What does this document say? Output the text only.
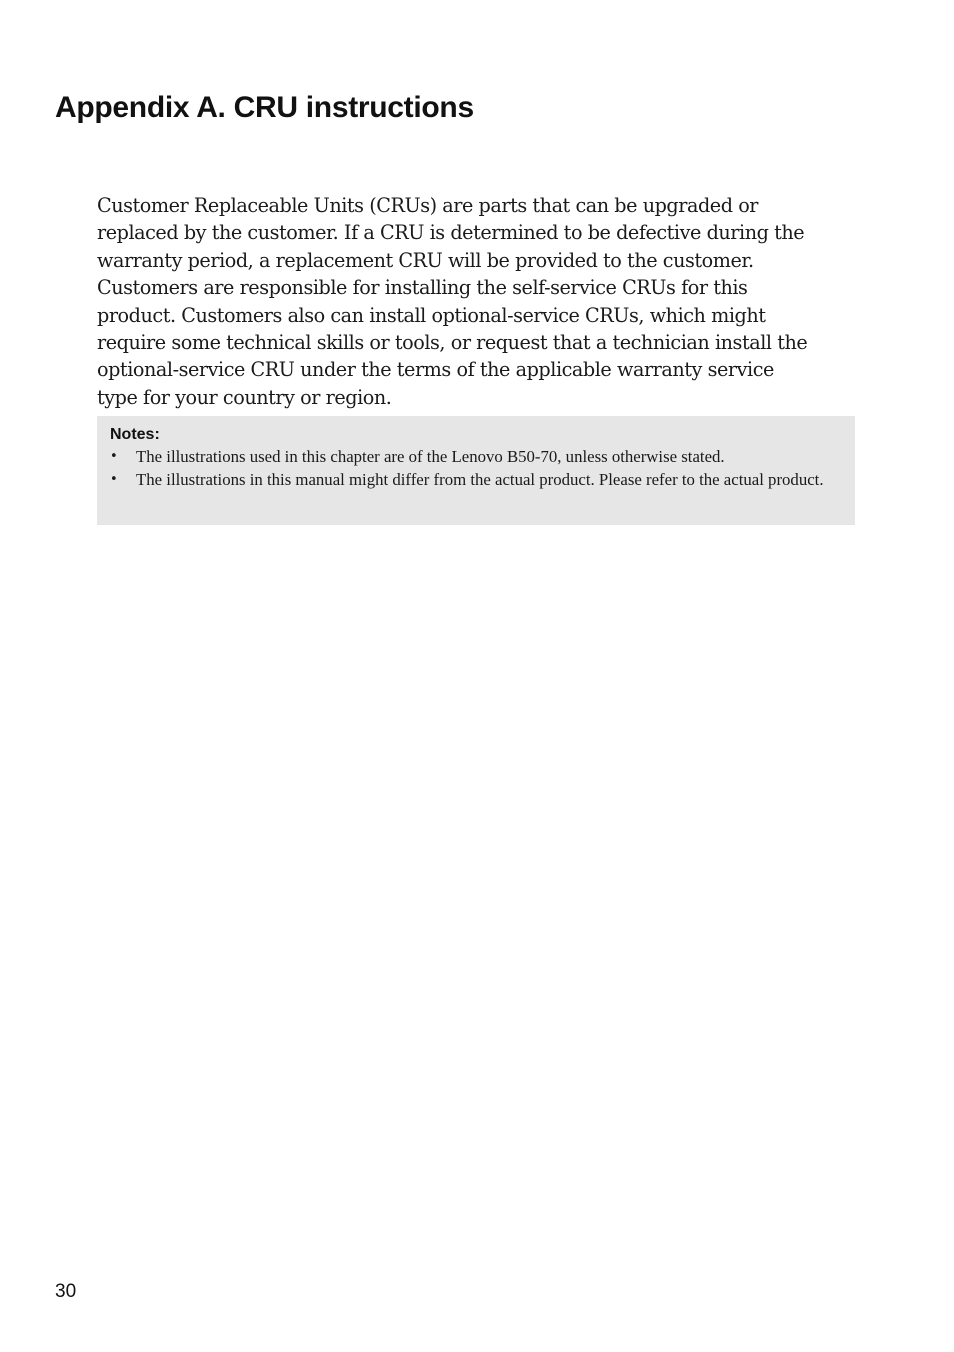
Appendix A. CRU instructions

Customer Replaceable Units (CRUs) are parts that can be upgraded or
replaced by the customer. If a CRU is determined to be defective during the
warranty period, a replacement CRU will be provided to the customer.
Customers are responsible for installing the self-service CRUs for this
product. Customers also can install optional-service CRUs, which might
require some technical skills or tools, or request that a technician install the
optional-service CRU under the terms of the applicable warranty service
type for your country or region.

Notes:

• The illustrations used in this chapter are of the Lenovo B50-70, unless otherwise stated.
• The illustrations in this manual might differ from the actual product. Please refer to the actual product.

30
